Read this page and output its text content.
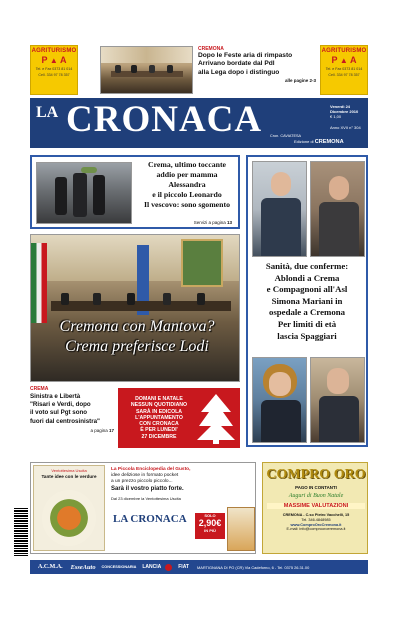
AGRITURISMO
P ▲ A
Tel. e Fax 0373 81 014
Cell. 334 97 78 357
AGRITURISMO
P ▲ A
Tel. e Fax 0373 81 014
Cell. 334 97 78 357
CREMONA
Dopo le Feste aria di rimpasto
Arrivano bordate dal Pdl
alla Lega dopo i distinguo
alle pagine 2-3
LA CRONACA Cron. CAVIATESA
Venerdì 24 Dicembre 2010
€ 1,00
Anno XVII n° 304
Edizione di CREMONA
Crema, ultimo toccante
addio per mamma
Alessandra
e il piccolo Leonardo
Il vescovo: sono sgomento
Servizi a pagina 13
Cremona con Mantova?
Crema preferisce Lodi
Sanità, due conferme:
Ablondi a Crema
e Compagnoni all'Asl
Simona Mariani in
ospedale a Cremona
Per limiti di età
lascia Spaggiari
CREMA
Sinistra e Libertà
"Risari e Verdi, dopo
il voto sul Pgt sono
fuori dal centrosinistra"
a pagina 17
DOMANI E NATALE
NESSUN QUOTIDIANO
SARÀ IN EDICOLA
L'APPUNTAMENTO
CON CRONACA
È PER LUNEDI'
27 DICEMBRE
Ventottesima Uscita
Tante idee con le verdure
La Piccola Enciclopedia del Gusto,
idee deliziose in formato pocket
a un prezzo piccolo piccolo...
Sarà il vostro piatto forte.
Dal 23 dicembre la Ventottesima Uscita
LA CRONACA	SOLO
2,90€
IN PIÙ
COMPRO ORO
PAGO IN CONTANTI
Auguri di Buon Natale
MASSIME VALUTAZIONI
CREMONA - C.so Pietro Vacchelli, 15
Tel. 346.4848985
www.ComproOroCremona.it
E-mail: info@comprooroeremona.it
A.C.M.A. EsseAuto CONCESSIONARIA LANCIA	FIAT MARTIGNANA DI PO (CR) Via Cadeforno, 6 - Tel. 0375 26.31.00
